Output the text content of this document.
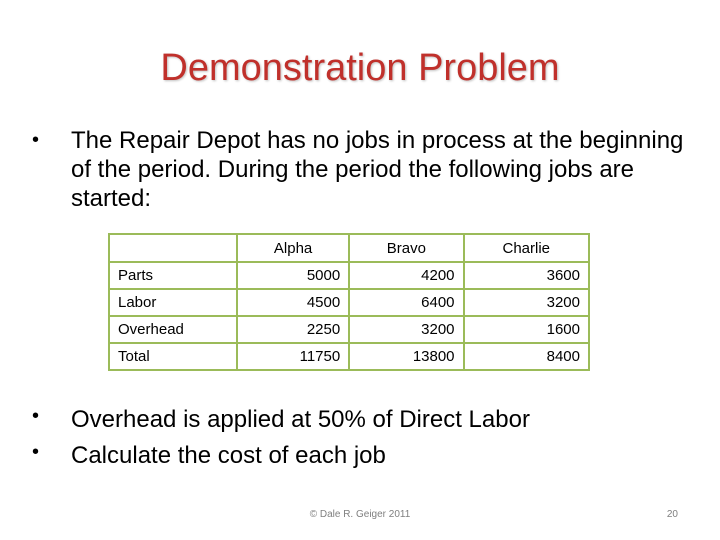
Demonstration Problem
•	The Repair Depot has no jobs in process at the beginning of the period. During the period the following jobs are started:
	Alpha	Bravo	Charlie
Parts	5000	4200	3600
Labor	4500	6400	3200
Overhead	2250	3200	1600
Total	11750	13800	8400
•	Overhead is applied at 50% of Direct Labor
•	Calculate the cost of each job
© Dale R. Geiger 2011	20
